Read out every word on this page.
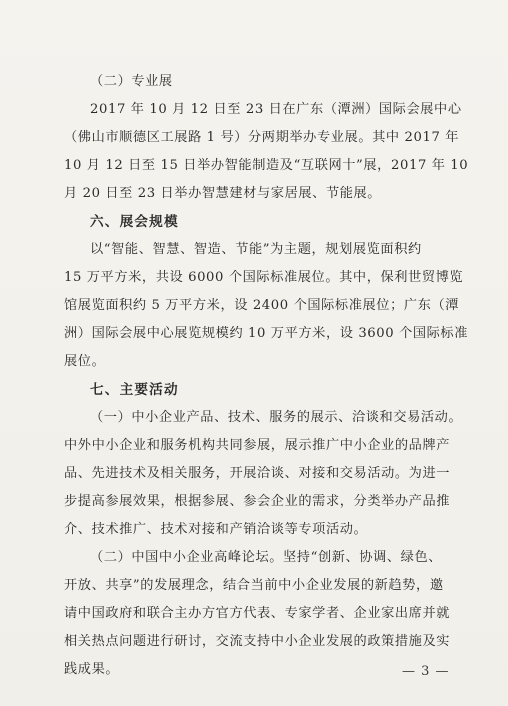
（二）专业展

2017 年 10 月 12 日至 23 日在广东（潭洲）国际会展中心

（佛山市顺德区工展路 1 号）分两期举办专业展。其中 2017 年

10 月 12 日至 15 日举办智能制造及“互联网十”展，2017 年 10

月 20 日至 23 日举办智慧建材与家居展、节能展。

六、展会规模

以“智能、智慧、智造、节能”为主题，规划展览面积约

15 万平方米，共设 6000 个国际标准展位。其中，保利世贸博览

馆展览面积约 5 万平方米，设 2400 个国际标准展位；广东（潭

洲）国际会展中心展览规模约 10 万平方米，设 3600 个国际标准

展位。

七、主要活动

（一）中小企业产品、技术、服务的展示、洽谈和交易活动。

中外中小企业和服务机构共同参展，展示推广中小企业的品牌产

品、先进技术及相关服务，开展洽谈、对接和交易活动。为进一

步提高参展效果，根据参展、参会企业的需求，分类举办产品推

介、技术推广、技术对接和产销洽谈等专项活动。

（二）中国中小企业高峰论坛。坚持“创新、协调、绿色、

开放、共享”的发展理念，结合当前中小企业发展的新趋势，邀

请中国政府和联合主办方官方代表、专家学者、企业家出席并就

相关热点问题进行研讨，交流支持中小企业发展的政策措施及实

践成果。	— 3 —
